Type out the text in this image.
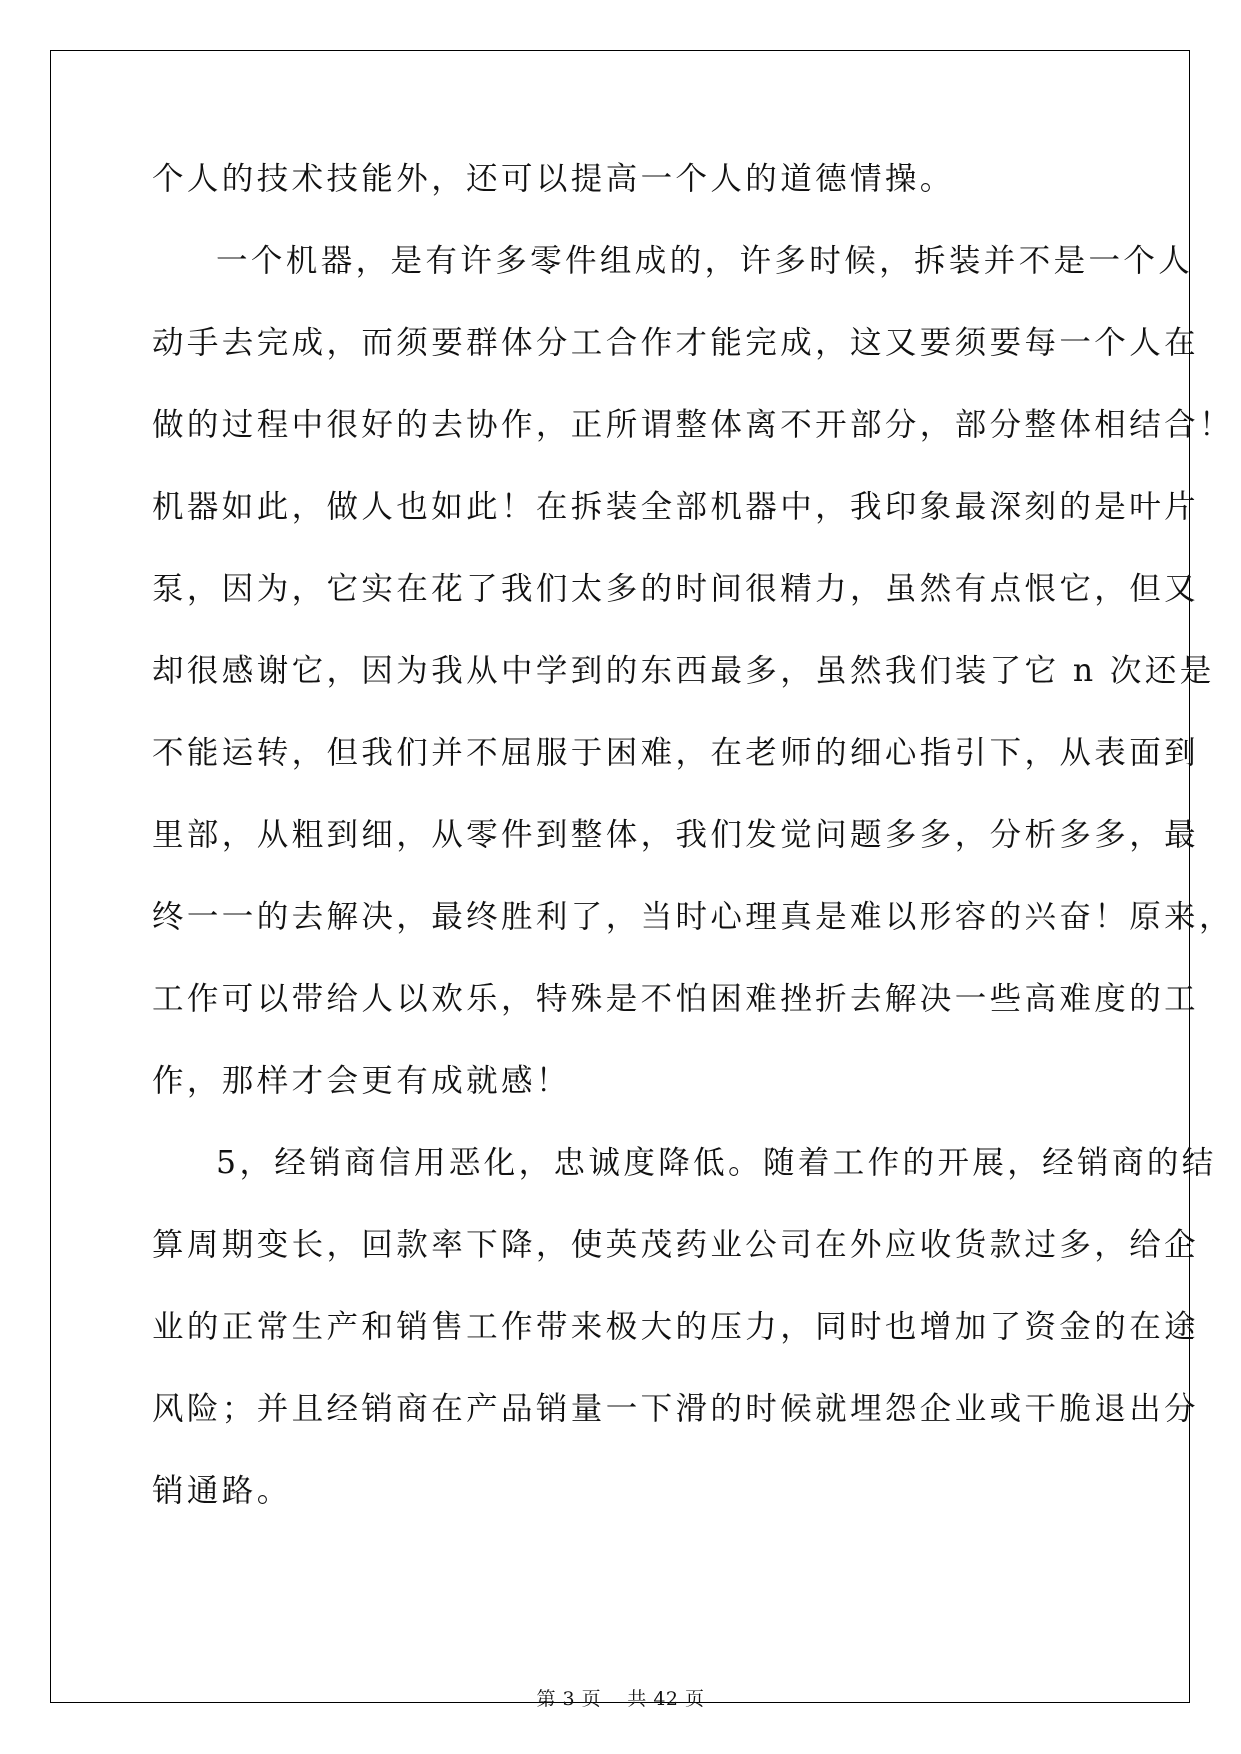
个人的技术技能外，还可以提高一个人的道德情操。
一个机器，是有许多零件组成的，许多时候，拆装并不是一个人
动手去完成，而须要群体分工合作才能完成，这又要须要每一个人在
做的过程中很好的去协作，正所谓整体离不开部分，部分整体相结合！
机器如此，做人也如此！在拆装全部机器中，我印象最深刻的是叶片
泵，因为，它实在花了我们太多的时间很精力，虽然有点恨它，但又
却很感谢它，因为我从中学到的东西最多，虽然我们装了它 n 次还是
不能运转，但我们并不屈服于困难，在老师的细心指引下，从表面到
里部，从粗到细，从零件到整体，我们发觉问题多多，分析多多，最
终一一的去解决，最终胜利了，当时心理真是难以形容的兴奋！原来，
工作可以带给人以欢乐，特殊是不怕困难挫折去解决一些高难度的工
作，那样才会更有成就感！
5，经销商信用恶化，忠诚度降低。随着工作的开展，经销商的结
算周期变长，回款率下降，使英茂药业公司在外应收货款过多，给企
业的正常生产和销售工作带来极大的压力，同时也增加了资金的在途
风险；并且经销商在产品销量一下滑的时候就埋怨企业或干脆退出分
销通路。
第 3 页    共 42 页
